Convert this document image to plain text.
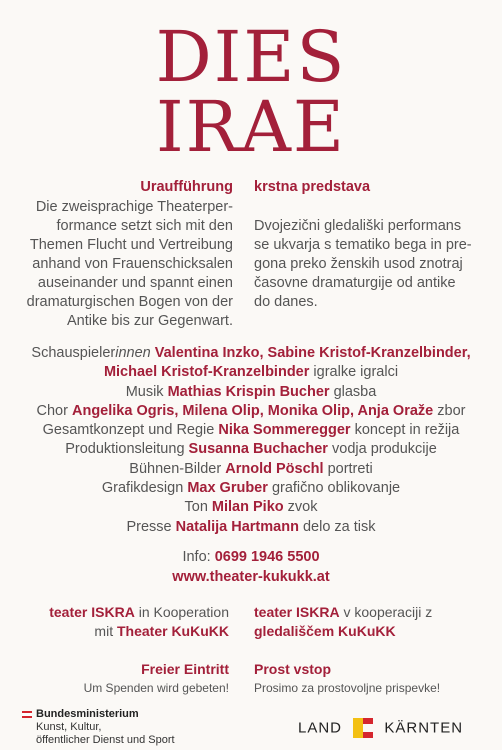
DIES
IRAE
Uraufführung
Die zweisprachige Theaterper-
formance setzt sich mit den
Themen Flucht und Vertreibung
anhand von Frauenschicksalen
auseinander und spannt einen
dramaturgischen Bogen von der
Antike bis zur Gegenwart.
krstna predstava
Dvojezični gledališki performans
se ukvarja s tematiko bega in pre-
gona preko ženskih usod znotraj
časovne dramaturgije od antike
do danes.
Schauspielerinnen Valentina Inzko, Sabine Kristof-Kranzelbinder,
Michael Kristof-Kranzelbinder igralke igralci
Musik Mathias Krispin Bucher glasba
Chor Angelika Ogris, Milena Olip, Monika Olip, Anja Oraže zbor
Gesamtkonzept und Regie Nika Sommeregger koncept in režija
Produktionsleitung Susanna Buchacher vodja produkcije
Bühnen-Bilder Arnold Pöschl portreti
Grafikdesign Max Gruber grafično oblikovanje
Ton Milan Piko zvok
Presse Natalija Hartmann delo za tisk
Info: 0699 1946 5500
www.theater-kukukk.at
teater ISKRA in Kooperation
mit Theater KuKuKK
teater ISKRA v kooperaciji z
gledališčem KuKuKK
Freier Eintritt
Um Spenden wird gebeten!
Prost vstop
Prosimo za prostovoljne prispevke!
Bundesministerium
Kunst, Kultur,
öffentlicher Dienst und Sport
LAND	KÄRNTEN
